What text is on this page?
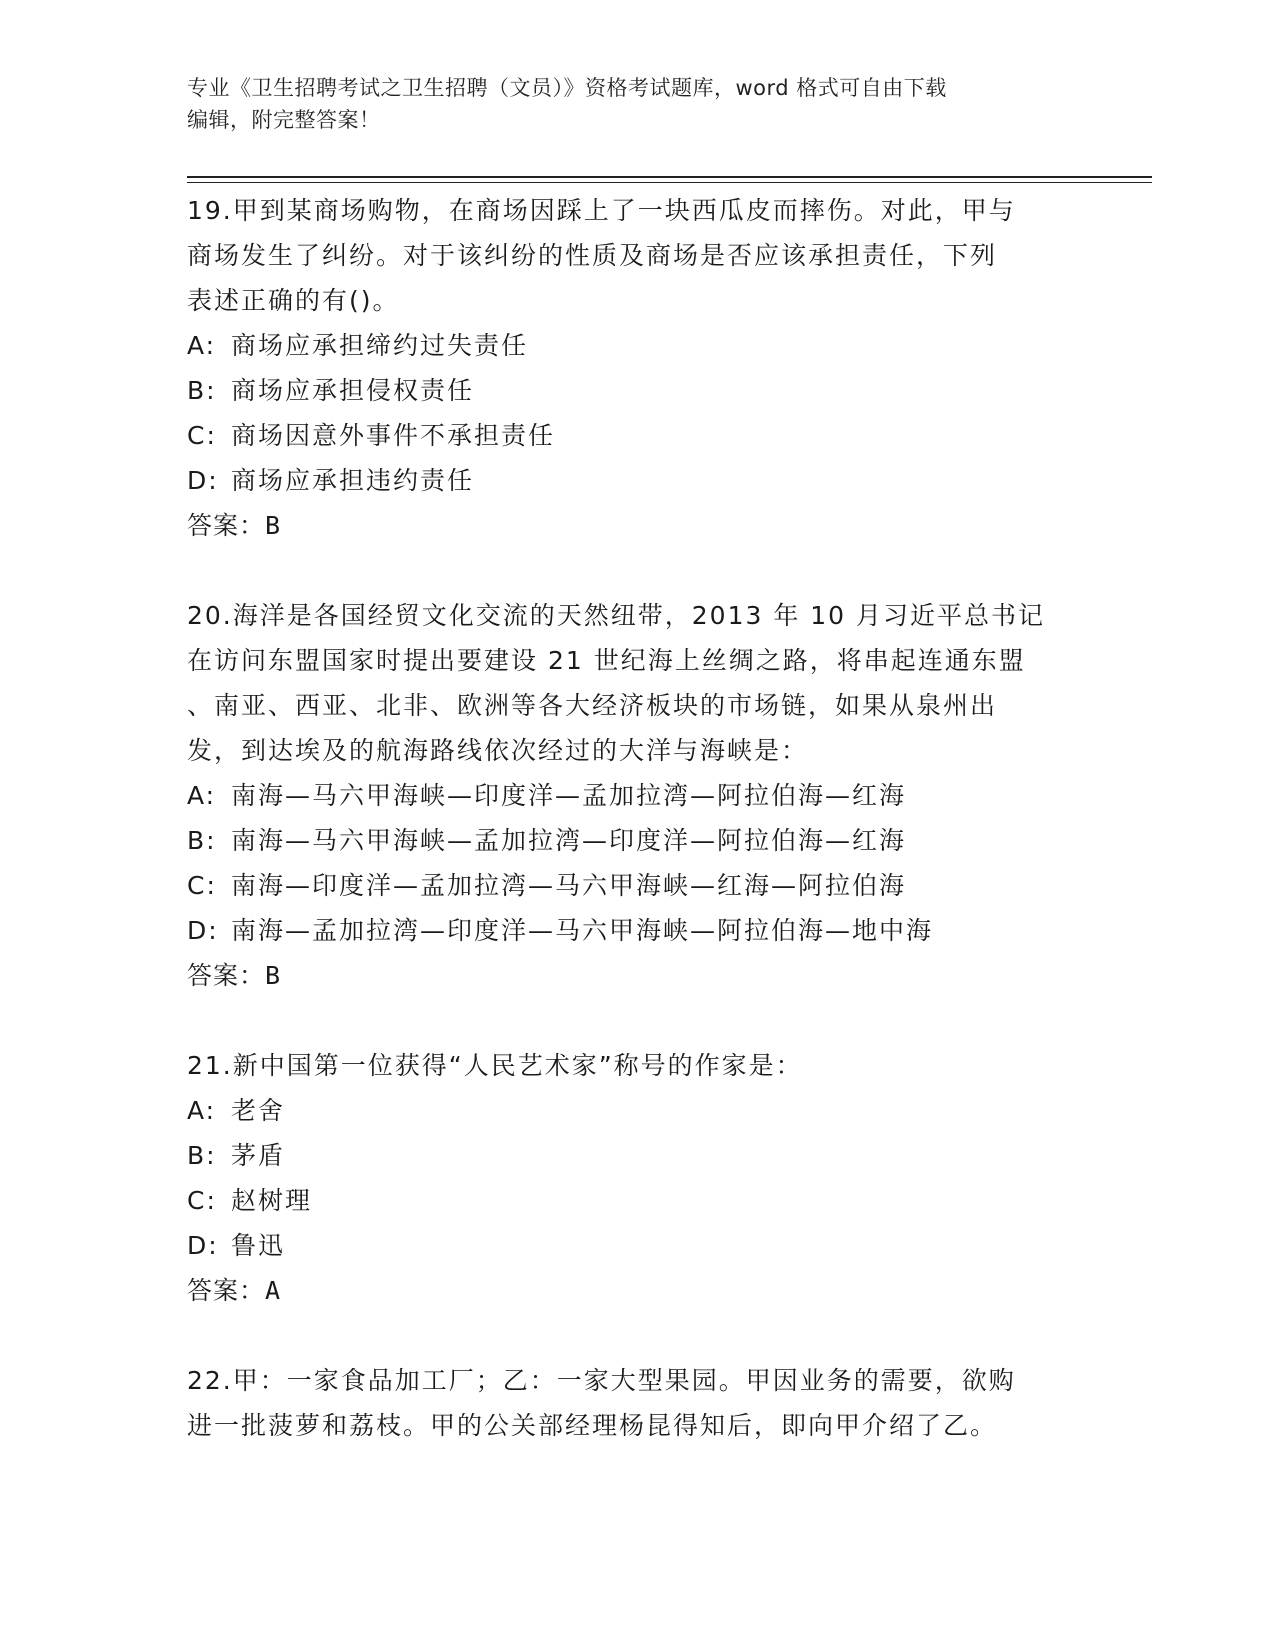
专业《卫生招聘考试之卫生招聘（文员）》资格考试题库，word 格式可自由下载
编辑，附完整答案！

19.甲到某商场购物，在商场因踩上了一块西瓜皮而摔伤。对此，甲与

商场发生了纠纷。对于该纠纷的性质及商场是否应该承担责任，下列

表述正确的有()。

A: 商场应承担缔约过失责任

B: 商场应承担侵权责任

C: 商场因意外事件不承担责任

D: 商场应承担违约责任

答案：B

20.海洋是各国经贸文化交流的天然纽带，2013 年 10 月习近平总书记

在访问东盟国家时提出要建设 21 世纪海上丝绸之路，将串起连通东盟

、南亚、西亚、北非、欧洲等各大经济板块的市场链，如果从泉州出

发，到达埃及的航海路线依次经过的大洋与海峡是：

A: 南海—马六甲海峡—印度洋—孟加拉湾—阿拉伯海—红海

B: 南海—马六甲海峡—孟加拉湾—印度洋—阿拉伯海—红海

C: 南海—印度洋—孟加拉湾—马六甲海峡—红海—阿拉伯海

D: 南海—孟加拉湾—印度洋—马六甲海峡—阿拉伯海—地中海

答案：B

21.新中国第一位获得“人民艺术家”称号的作家是：

A: 老舍

B: 茅盾

C: 赵树理

D: 鲁迅

答案：A

22.甲：一家食品加工厂；乙：一家大型果园。甲因业务的需要，欲购

进一批菠萝和荔枝。甲的公关部经理杨昆得知后，即向甲介绍了乙。
